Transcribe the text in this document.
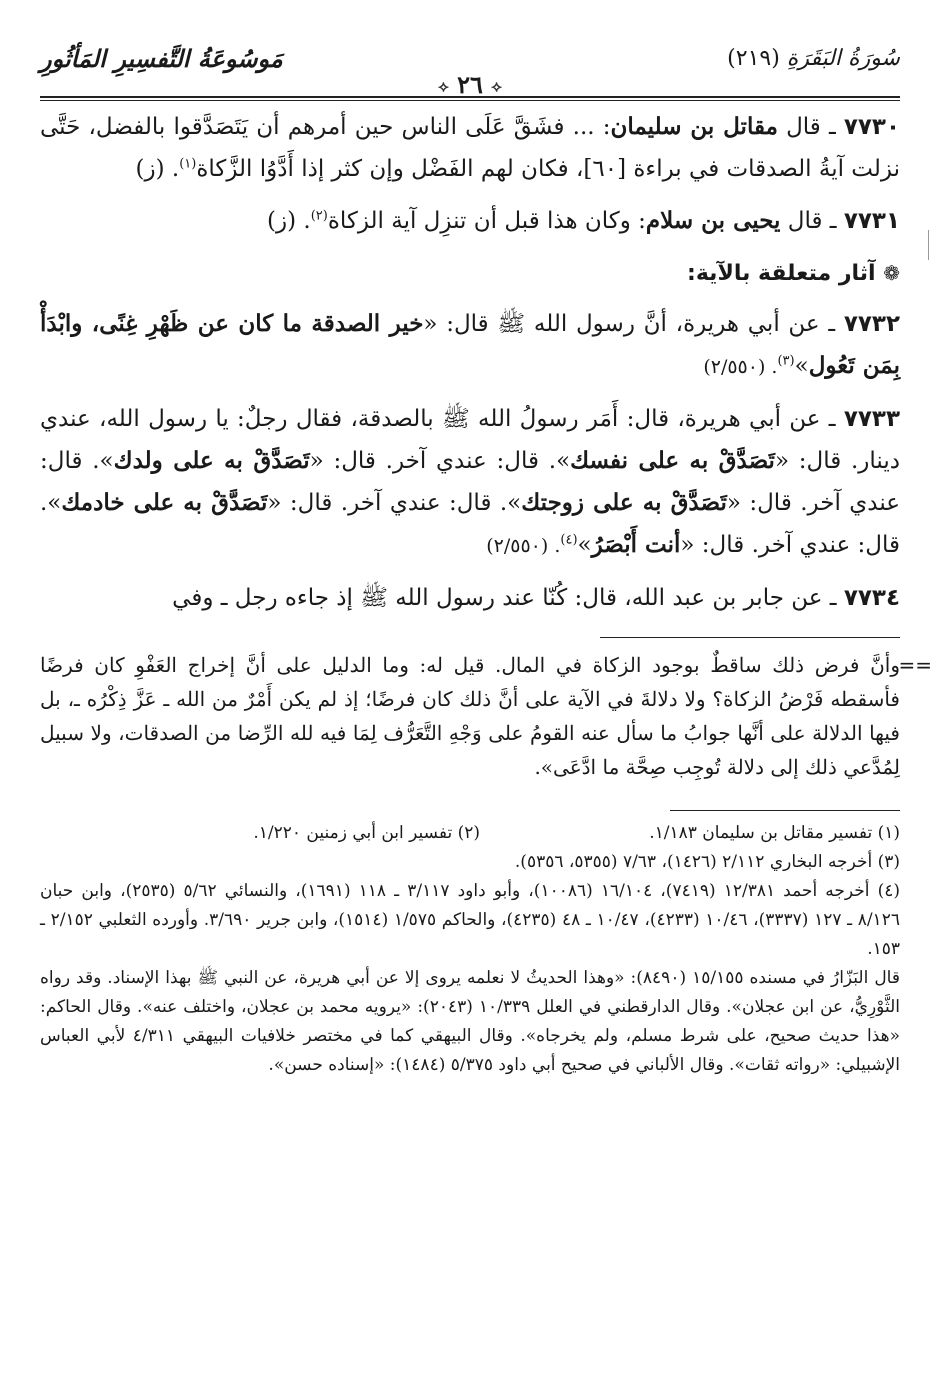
سُورَةُ البَقَرَةِ (٢١٩)
⟡ ٢٦ ⟡
مَوسُوعَةُ التَّفسِيرِ المَأثُورِ

٧٧٣٠ ـ قال مقاتل بن سليمان: ... فشَقَّ عَلَى الناس حين أمرهم أن يَتَصَدَّقوا بالفضل، حَتَّى نزلت آيةُ الصدقات في براءة [٦٠]، فكان لهم الفَضْل وإن كثر إذا أَدَّوُا الزَّكاة$^{(١)}$. (ز)

٧٧٣١ ـ قال يحيى بن سلام: وكان هذا قبل أن تنزِل آية الزكاة$^{(٢)}$. (ز)

❁ آثار متعلقة بالآية:

٧٧٣٢ ـ عن أبي هريرة، أنَّ رسول الله ﷺ قال: «خير الصدقة ما كان عن ظَهْرِ غِنًى، وابْدَأْ بِمَن تَعُول»$^{(٣)}$. (٢/٥٥٠)

٧٧٣٣ ـ عن أبي هريرة، قال: أَمَر رسولُ الله ﷺ بالصدقة، فقال رجلٌ: يا رسول الله، عندي دينار. قال: «تَصَدَّقْ به على نفسك». قال: عندي آخر. قال: «تَصَدَّقْ به على ولدك». قال: عندي آخر. قال: «تَصَدَّقْ به على زوجتك». قال: عندي آخر. قال: «تَصَدَّقْ به على خادمك». قال: عندي آخر. قال: «أنت أَبْصَرُ»$^{(٤)}$. (٢/٥٥٠)

٧٧٣٤ ـ عن جابر بن عبد الله، قال: كُنّا عند رسول الله ﷺ إذ جاءه رجل ـ وفي

==
وأنَّ فرض ذلك ساقطٌ بوجود الزكاة في المال. قيل له: وما الدليل على أنَّ إخراج العَفْوِ كان فرضًا فأسقطه فَرْضُ الزكاة؟ ولا دلالةَ في الآية على أنَّ ذلك كان فرضًا؛ إذ لم يكن أَمْرٌ من الله ـ عَزَّ ذِكْرُه ـ، بل فيها الدلالة على أنَّها جوابُ ما سأل عنه القومُ على وَجْهِ التَّعَرُّف لِمَا فيه لله الرِّضا من الصدقات، ولا سبيل لِمُدَّعي ذلك إلى دلالة تُوجِب صِحَّة ما ادَّعَى».
(١) تفسير مقاتل بن سليمان ١/١٨٣.
(٢) تفسير ابن أبي زمنين ١/٢٢٠.

(٣) أخرجه البخاري ٢/١١٢ (١٤٢٦)، ٧/٦٣ (٥٣٥٥، ٥٣٥٦).

(٤) أخرجه أحمد ١٢/٣٨١ (٧٤١٩)، ١٦/١٠٤ (١٠٠٨٦)، وأبو داود ٣/١١٧ ـ ١١٨ (١٦٩١)، والنسائي ٥/٦٢ (٢٥٣٥)، وابن حبان ٨/١٢٦ ـ ١٢٧ (٣٣٣٧)، ١٠/٤٦ (٤٢٣٣)، ١٠/٤٧ ـ ٤٨ (٤٢٣٥)، والحاكم ١/٥٧٥ (١٥١٤)، وابن جرير ٣/٦٩٠. وأورده الثعلبي ٢/١٥٢ ـ ١٥٣.

قال البَزّارُ في مسنده ١٥/١٥٥ (٨٤٩٠): «وهذا الحديثُ لا نعلمه يروى إلا عن أبي هريرة، عن النبي ﷺ بهذا الإسناد. وقد رواه الثَّوْرِيُّ، عن ابن عجلان». وقال الدارقطني في العلل ١٠/٣٣٩ (٢٠٤٣): «يرويه محمد بن عجلان، واختلف عنه». وقال الحاكم: «هذا حديث صحيح، على شرط مسلم، ولم يخرجاه». وقال البيهقي كما في مختصر خلافيات البيهقي ٤/٣١١ لأبي العباس الإشبيلي: «رواته ثقات». وقال الألباني في صحيح أبي داود ٥/٣٧٥ (١٤٨٤): «إسناده حسن».
